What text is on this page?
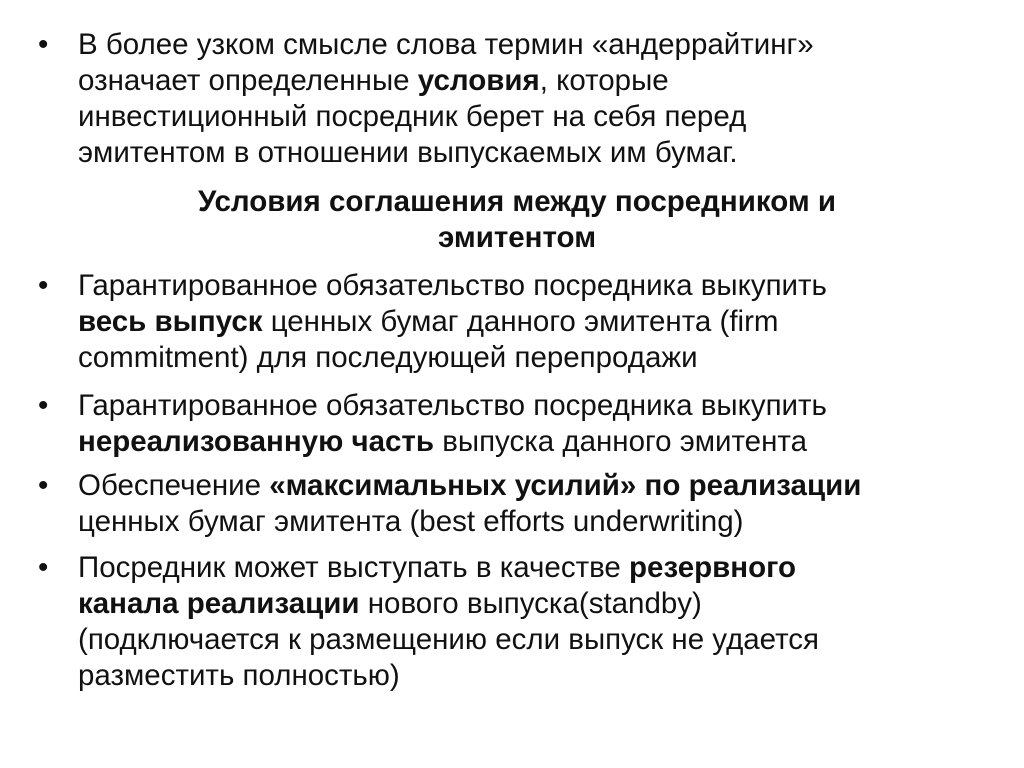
•	В более узком смысле слова термин «андеррайтинг»
означает определенные условия, которые
инвестиционный посредник берет на себя перед
эмитентом в отношении выпускаемых им бумаг.
Условия соглашения между посредником и
эмитентом
•	Гарантированное обязательство посредника выкупить
весь выпуск ценных бумаг данного эмитента (firm
commitment) для последующей перепродажи
•	Гарантированное обязательство посредника выкупить
нереализованную часть выпуска данного эмитента
•	Обеспечение «максимальных усилий» по реализации
ценных бумаг эмитента (best efforts underwriting)
•	Посредник может выступать в качестве резервного
канала реализации нового выпуска(standby)
(подключается к размещению если выпуск не удается
разместить полностью)
